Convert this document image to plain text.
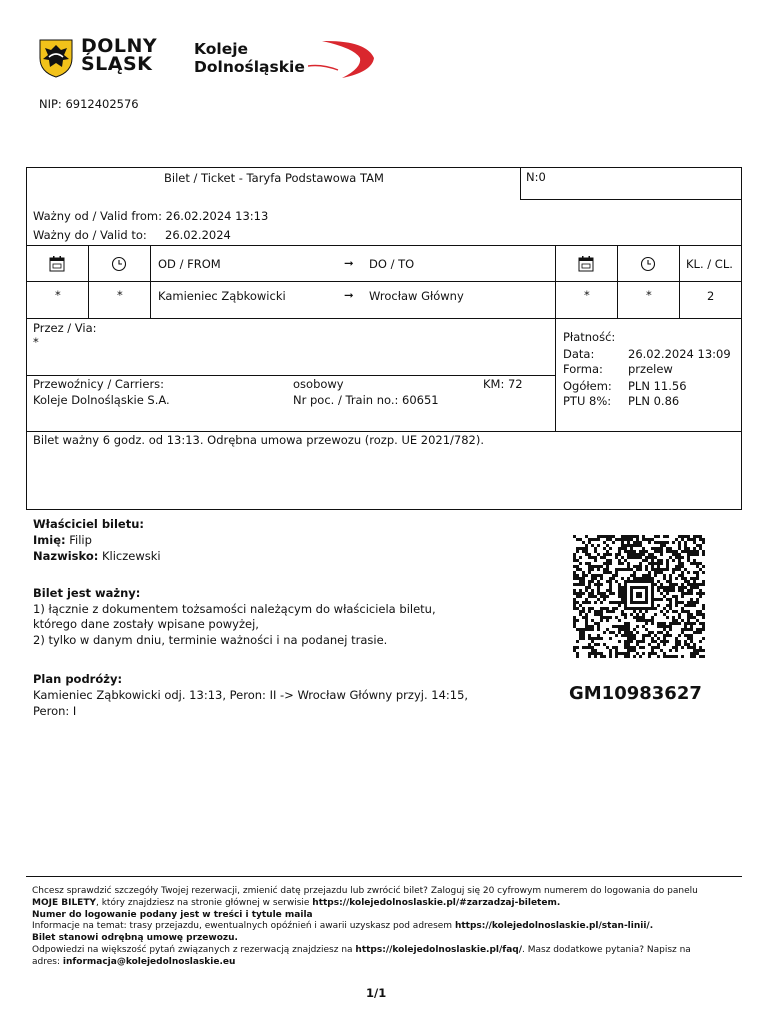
DOLNY
ŚLĄSK
Koleje
Dolnośląskie
NIP: 6912402576
Bilet / Ticket - Taryfa Podstawowa TAM	N:0
Ważny od / Valid from: 26.02.2024 13:13
Ważny do / Valid to: 26.02.2024
OD / FROM	➞ DO / TO	KL. / CL.
*	*	Kamieniec Ząbkowicki	➞ Wrocław Główny	*	*	2
Przez / Via:
*	Płatność:
Data:	26.02.2024 13:09
Forma: przelew
Ogółem: PLN 11.56
PTU 8%: PLN 0.86
Przewoźnicy / Carriers:
Koleje Dolnośląskie S.A.
osobowy
Nr poc. / Train no.: 60651
KM: 72
Bilet ważny 6 godz. od 13:13. Odrębna umowa przewozu (rozp. UE 2021/782).
Właściciel biletu:
Imię: Filip
Nazwisko: Kliczewski
Bilet jest ważny:
1) łącznie z dokumentem tożsamości należącym do właściciela biletu,
którego dane zostały wpisane powyżej,
2) tylko w danym dniu, terminie ważności i na podanej trasie.
Plan podróży:
Kamieniec Ząbkowicki odj. 13:13, Peron: II -> Wrocław Główny przyj. 14:15,
Peron: I
GM10983627
Chcesz sprawdzić szczegóły Twojej rezerwacji, zmienić datę przejazdu lub zwrócić bilet? Zaloguj się 20 cyfrowym numerem do logowania do panelu
MOJE BILETY, który znajdziesz na stronie głównej w serwisie https://kolejedolnoslaskie.pl/#zarzadzaj-biletem.
Numer do logowanie podany jest w treści i tytule maila
Informacje na temat: trasy przejazdu, ewentualnych opóźnień i awarii uzyskasz pod adresem https://kolejedolnoslaskie.pl/stan-linii/.
Bilet stanowi odrębną umowę przewozu.
Odpowiedzi na większość pytań związanych z rezerwacją znajdziesz na https://kolejedolnoslaskie.pl/faq/. Masz dodatkowe pytania? Napisz na
adres: informacja@kolejedolnoslaskie.eu
1/1
